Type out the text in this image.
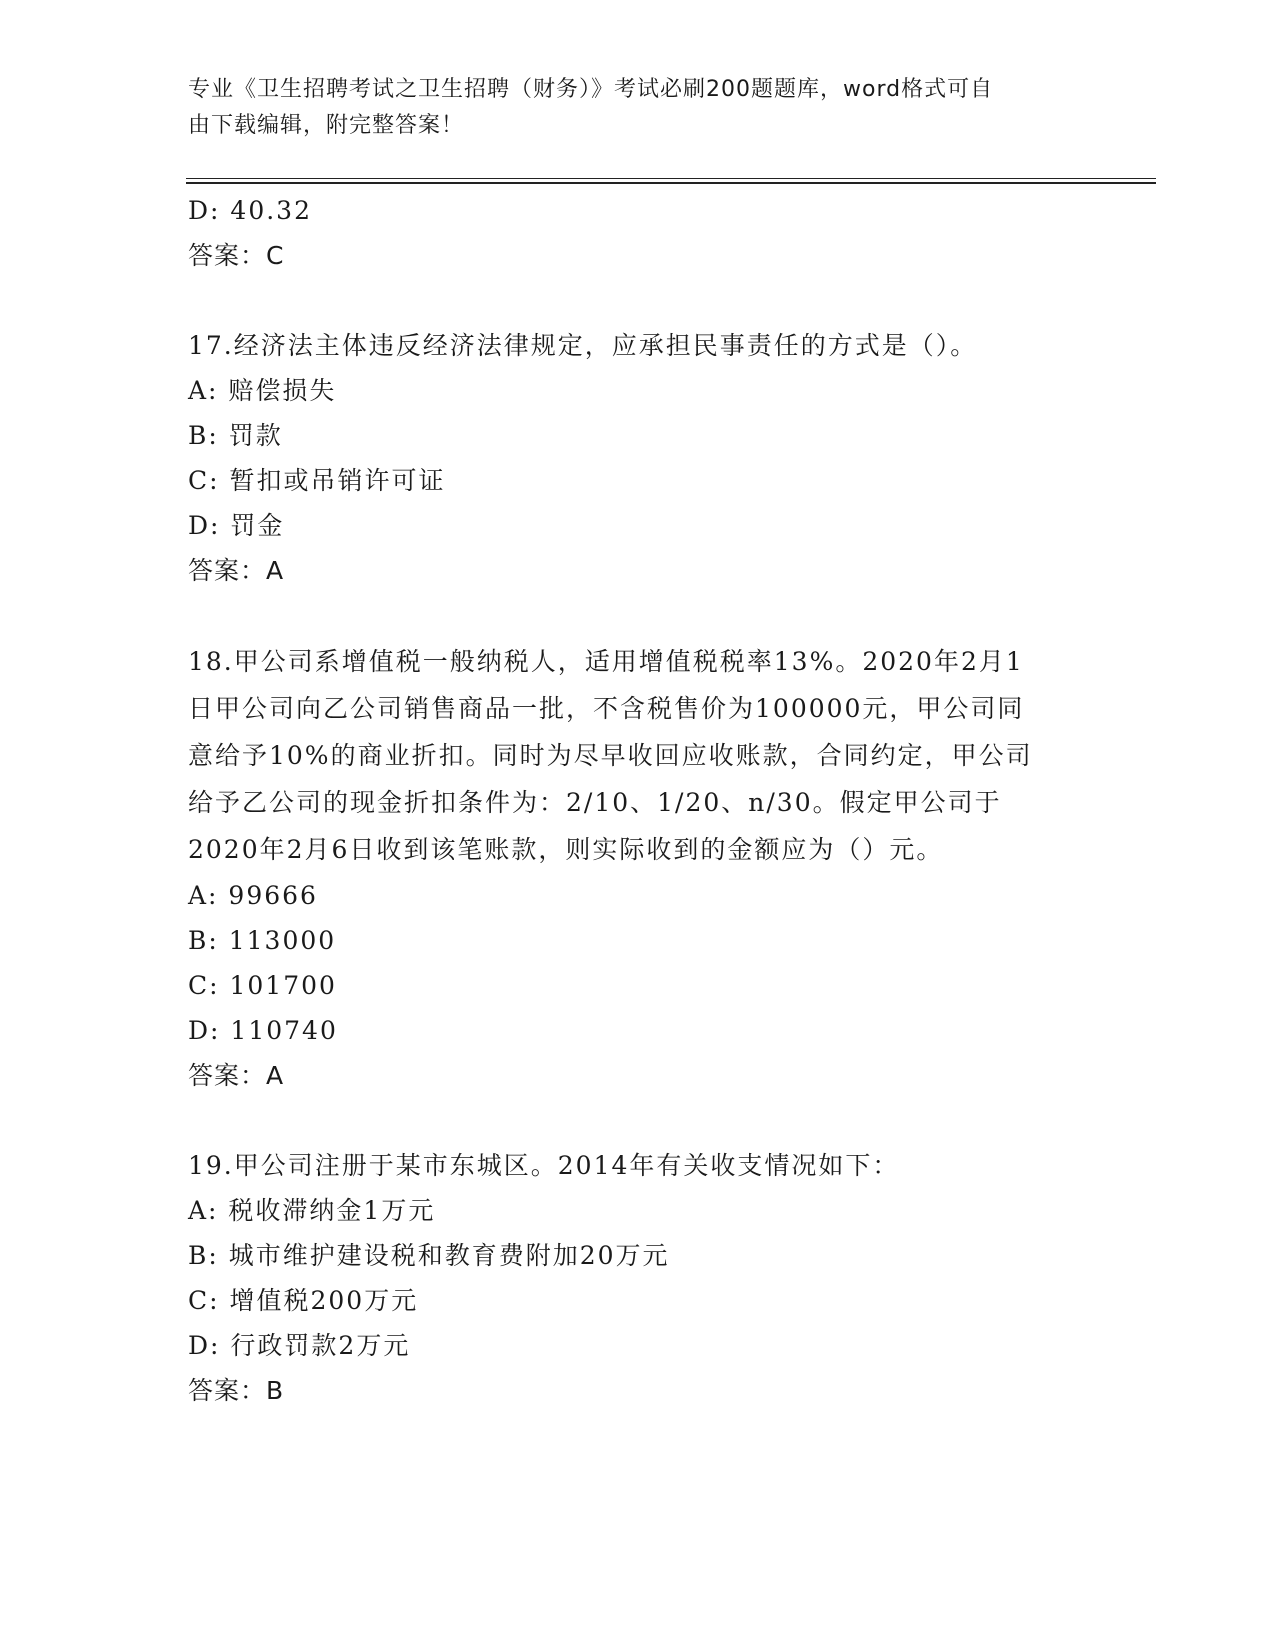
专业《卫生招聘考试之卫生招聘（财务）》考试必刷200题题库，word格式可自
由下载编辑，附完整答案！
D: 40.32
答案：C
17.经济法主体违反经济法律规定，应承担民事责任的方式是（）。
A: 赔偿损失
B: 罚款
C: 暂扣或吊销许可证
D: 罚金
答案：A
18.甲公司系增值税一般纳税人，适用增值税税率13%。2020年2月1
日甲公司向乙公司销售商品一批，不含税售价为100000元，甲公司同
意给予10%的商业折扣。同时为尽早收回应收账款，合同约定，甲公司
给予乙公司的现金折扣条件为：2/10、1/20、n/30。假定甲公司于
2020年2月6日收到该笔账款，则实际收到的金额应为（）元。
A: 99666
B: 113000
C: 101700
D: 110740
答案：A
19.甲公司注册于某市东城区。2014年有关收支情况如下：
A: 税收滞纳金1万元
B: 城市维护建设税和教育费附加20万元
C: 增值税200万元
D: 行政罚款2万元
答案：B
